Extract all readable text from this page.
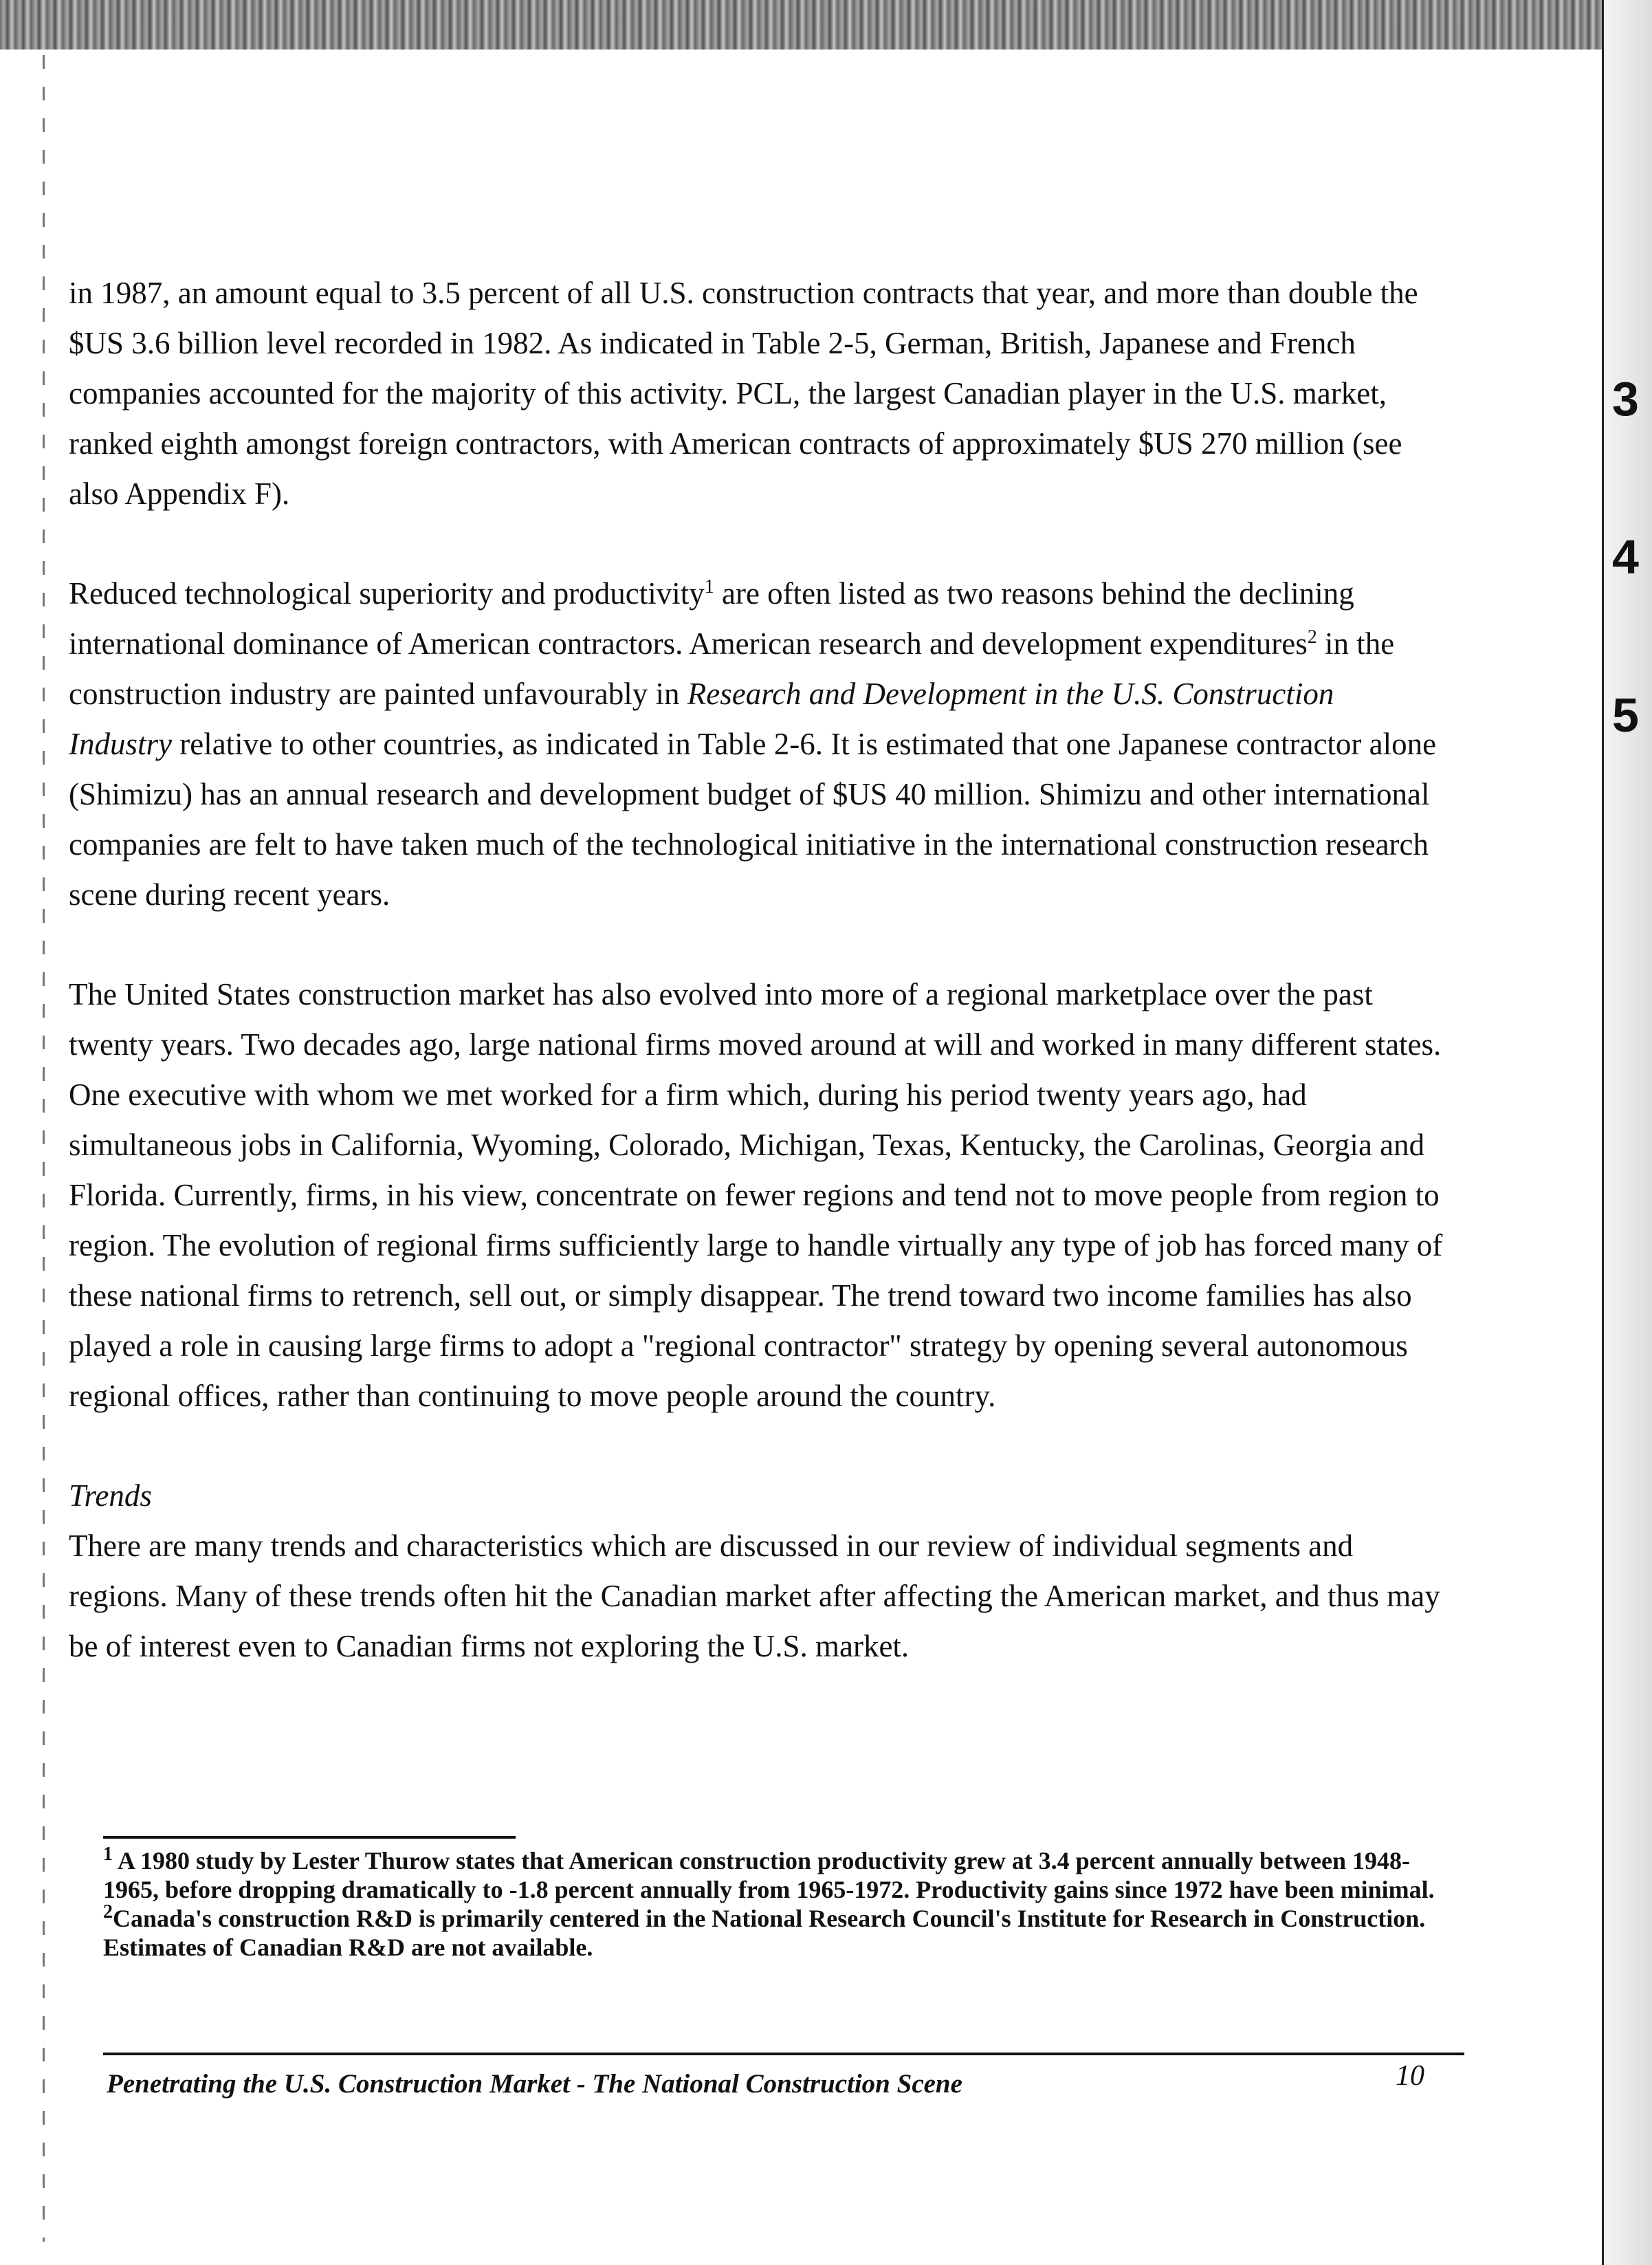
3
4
5

in 1987, an amount equal to 3.5 percent of all U.S. construction contracts that year, and more than double the $US 3.6 billion level recorded in 1982. As indicated in Table 2-5, German, British, Japanese and French companies accounted for the majority of this activity. PCL, the largest Canadian player in the U.S. market, ranked eighth amongst foreign contractors, with American contracts of approximately $US 270 million (see also Appendix F).

Reduced technological superiority and productivity$^1$ are often listed as two reasons behind the declining international dominance of American contractors. American research and development expenditures$^2$ in the construction industry are painted unfavourably in Research and Development in the U.S. Construction Industry relative to other countries, as indicated in Table 2-6. It is estimated that one Japanese contractor alone (Shimizu) has an annual research and development budget of $US 40 million. Shimizu and other international companies are felt to have taken much of the technological initiative in the international construction research scene during recent years.

The United States construction market has also evolved into more of a regional marketplace over the past twenty years. Two decades ago, large national firms moved around at will and worked in many different states. One executive with whom we met worked for a firm which, during his period twenty years ago, had simultaneous jobs in California, Wyoming, Colorado, Michigan, Texas, Kentucky, the Carolinas, Georgia and Florida. Currently, firms, in his view, concentrate on fewer regions and tend not to move people from region to region. The evolution of regional firms sufficiently large to handle virtually any type of job has forced many of these national firms to retrench, sell out, or simply disappear. The trend toward two income families has also played a role in causing large firms to adopt a "regional contractor" strategy by opening several autonomous regional offices, rather than continuing to move people around the country.

Trends

There are many trends and characteristics which are discussed in our review of individual segments and regions. Many of these trends often hit the Canadian market after affecting the American market, and thus may be of interest even to Canadian firms not exploring the U.S. market.

$^1$ A 1980 study by Lester Thurow states that American construction productivity grew at 3.4 percent annually between 1948-1965, before dropping dramatically to -1.8 percent annually from 1965-1972. Productivity gains since 1972 have been minimal.
$^2$Canada's construction R&D is primarily centered in the National Research Council's Institute for Research in Construction. Estimates of Canadian R&D are not available.
Penetrating the U.S. Construction Market - The National Construction Scene	10
